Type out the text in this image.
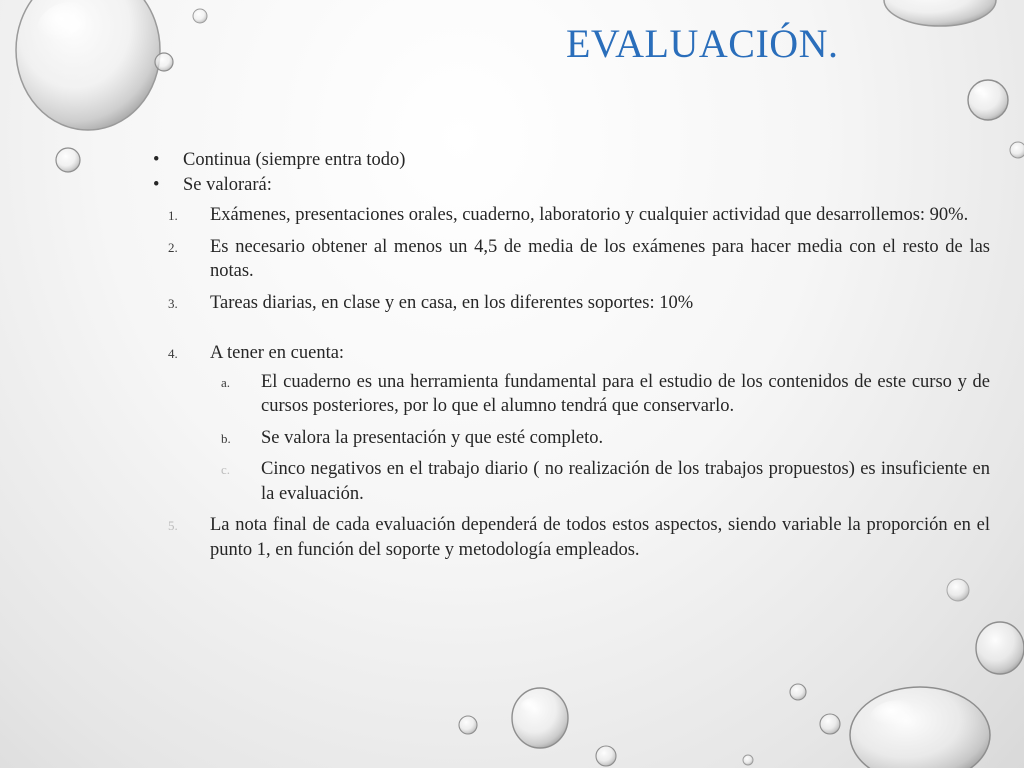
EVALUACIÓN.
• Continua (siempre entra todo)
• Se valorará:
1. Exámenes, presentaciones orales, cuaderno, laboratorio y cualquier actividad que desarrollemos: 90%.
2. Es necesario obtener al menos un 4,5 de media de los exámenes para hacer media con el resto de las notas.
3. Tareas diarias, en clase y en casa, en los diferentes soportes: 10%
4. A tener en cuenta:
a. El cuaderno es una herramienta fundamental para el estudio de los contenidos de este curso y de cursos posteriores, por lo que el alumno tendrá que conservarlo.
b. Se valora la presentación y que esté completo.
c. Cinco negativos en el trabajo diario ( no realización de los trabajos propuestos) es insuficiente en la evaluación.
5. La nota final de cada evaluación dependerá de todos estos aspectos, siendo variable la proporción en el punto 1, en función del soporte y metodología empleados.
